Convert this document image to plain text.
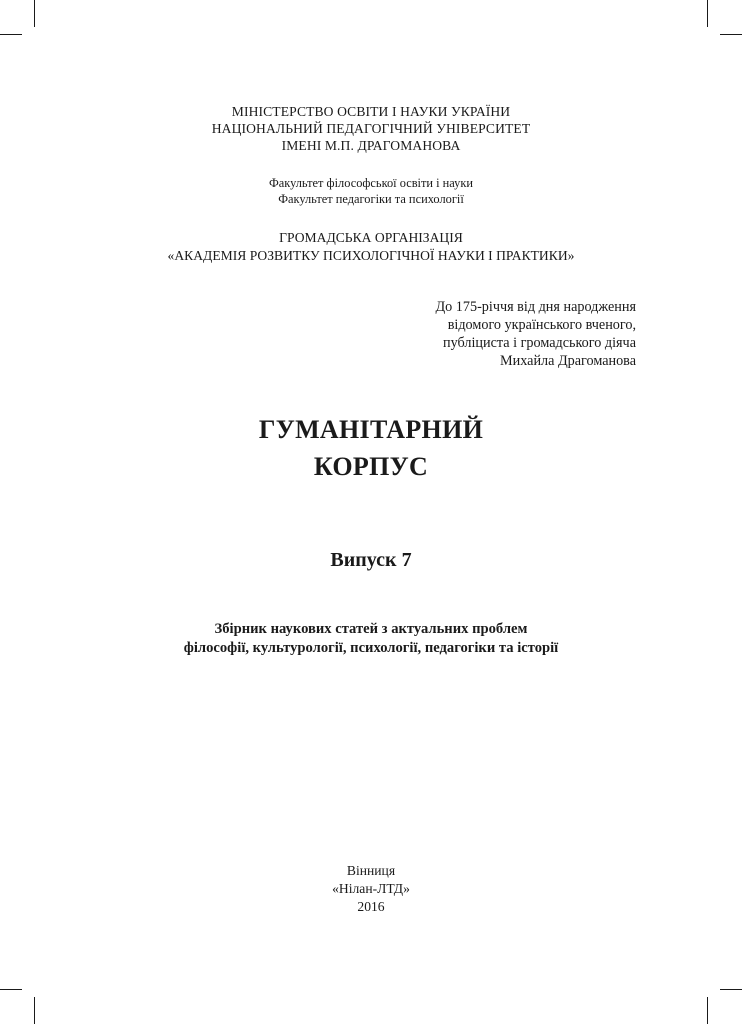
МІНІСТЕРСТВО ОСВІТИ І НАУКИ УКРАЇНИ
НАЦІОНАЛЬНИЙ ПЕДАГОГІЧНИЙ УНІВЕРСИТЕТ
ІМЕНІ М.П. ДРАГОМАНОВА
Факультет філософської освіти і науки
Факультет педагогіки та психології
ГРОМАДСЬКА ОРГАНІЗАЦІЯ
«АКАДЕМІЯ РОЗВИТКУ ПСИХОЛОГІЧНОЇ НАУКИ І ПРАКТИКИ»
До 175-річчя від дня народження
відомого українського вченого,
публіциста і громадського діяча
Михайла Драгоманова
ГУМАНІТАРНИЙ
КОРПУС
Випуск 7
Збірник наукових статей з актуальних проблем
філософії, культурології, психології, педагогіки та історії
Вінниця
«Нілан-ЛТД»
2016
